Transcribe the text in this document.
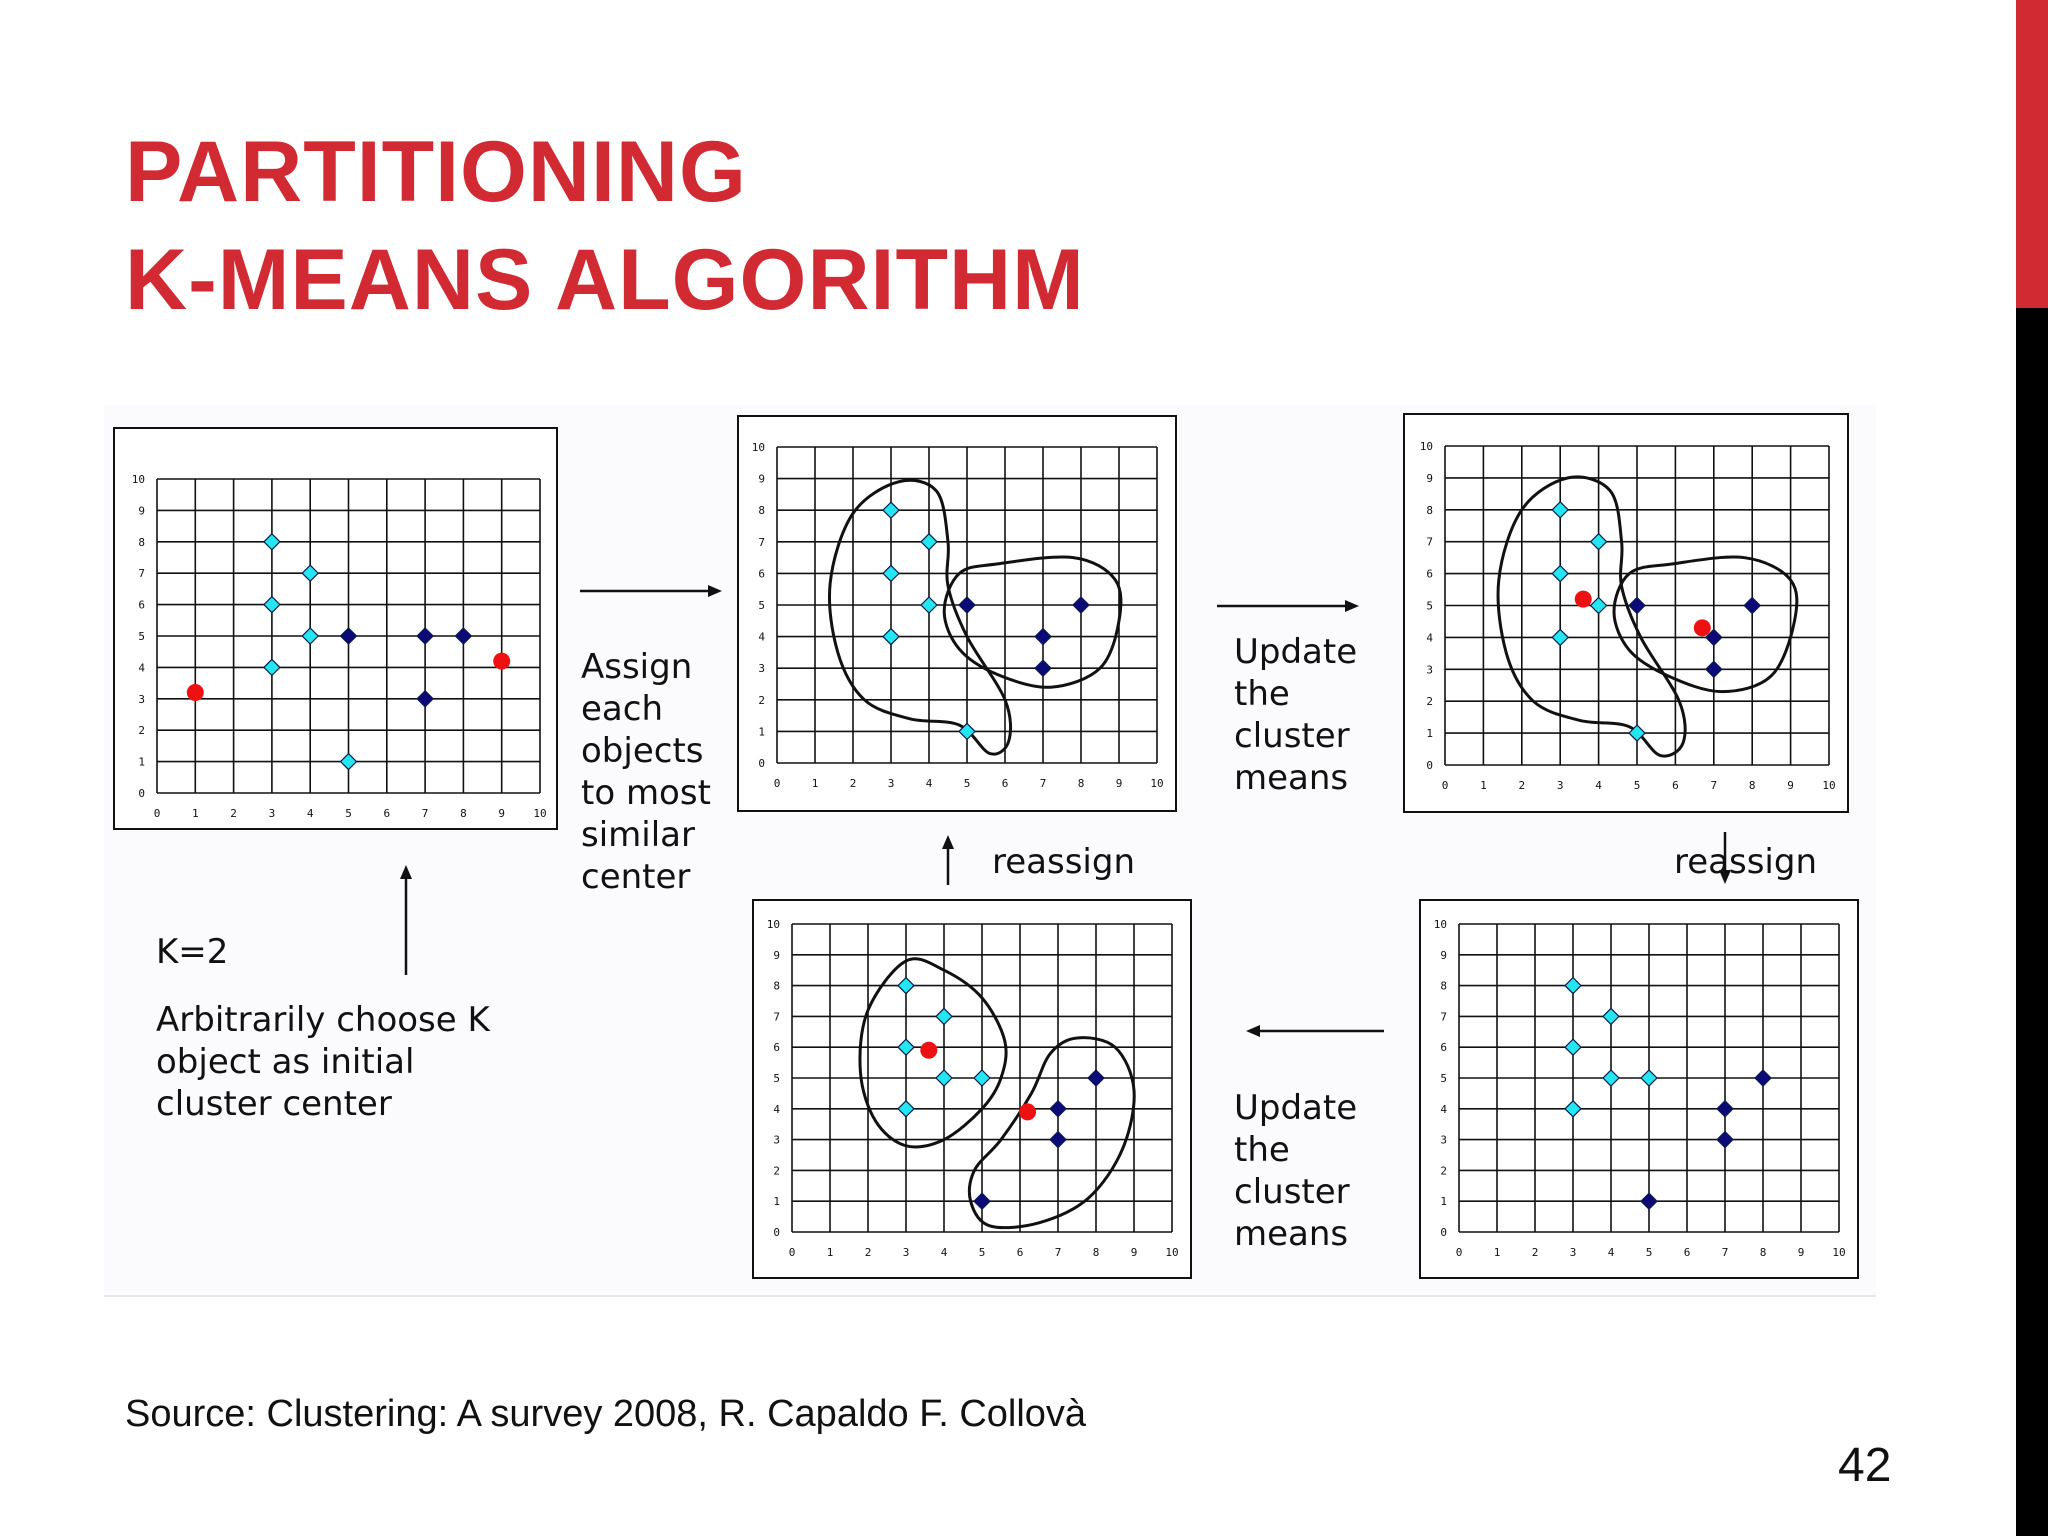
PARTITIONING
K-MEANS ALGORITHM
0	1	2	3	4	5	6	7	8	9	10
0
1
2
3
4
5
6
7
8
9
10
0	1	2	3	4	5	6	7	8	9	10
0
1
2
3
4
5
6
7
8
9
10
0	1	2	3	4	5	6	7	8	9	10
0
1
2
3
4
5
6
7
8
9
10
0	1	2	3	4	5	6	7	8	9	10
0
1
2
3
4
5
6
7
8
9
10
0	1	2	3	4	5	6	7	8	9	10
0
1
2
3
4
5
6
7
8
9
10
Assign
each
objects
to most
similar
center
Update
the
cluster
means
Update
the
cluster
means
reassign	reassign
K=2
Arbitrarily choose K
object as initial
cluster center
Source: Clustering: A survey 2008, R. Capaldo F. Collovà
42
